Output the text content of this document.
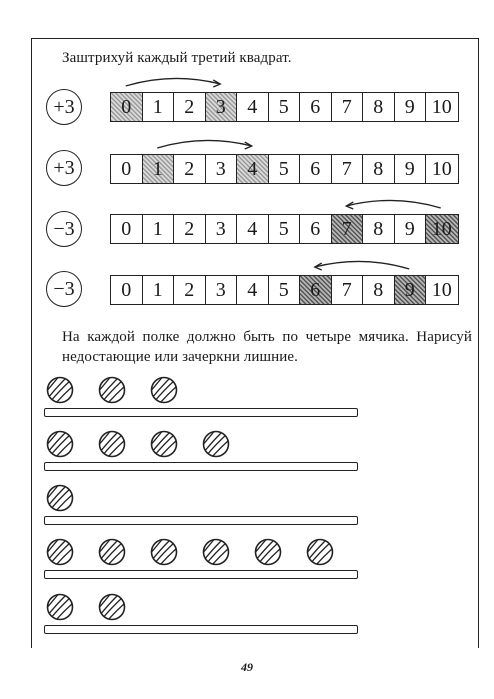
Заштрихуй каждый третий квадрат.
+3 0 1 2 3 4 5 6 7 8 9 10
+3 0 1 2 3 4 5 6 7 8 9 10
−3 0 1 2 3 4 5 6 7 8 9 10
−3 0 1 2 3 4 5 6 7 8 9 10
На каждой полке должно быть по четыре мячика. Нарисуй недостающие или зачеркни лишние.
49
